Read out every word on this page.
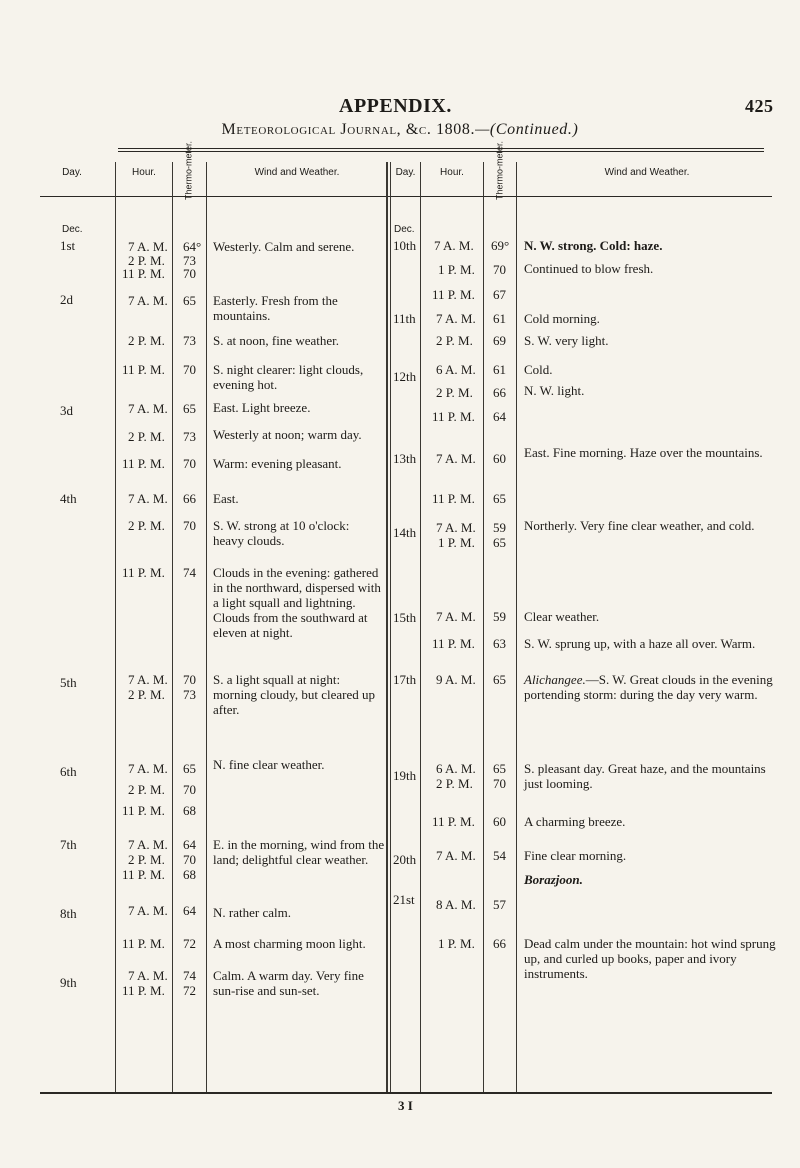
APPENDIX.	425
Meteorological Journal, &c. 1808.—(Continued.)
Day.	Hour.	Thermo-meter.	Wind and Weather.	Day.	Hour.	Thermo-meter.	Wind and Weather.
Dec.
1st	7 A. M. 64° Westerly. Calm and serene.
2 P. M. 73
11 P. M. 70
2d	7 A. M. 65 Easterly. Fresh from the mountains.
2 P. M. 73 S. at noon, fine weather.
11 P. M. 70 S. night clearer: light clouds, evening hot.
3d	7 A. M. 65 East. Light breeze.
2 P. M. 73 Westerly at noon; warm day.
11 P. M. 70 Warm: evening pleasant.
4th	7 A. M. 66 East.
2 P. M. 70 S. W. strong at 10 o'clock: heavy clouds.
11 P. M. 74 Clouds in the evening: gathered in the northward, dispersed with a light squall and lightning. Clouds from the southward at eleven at night.
5th	7 A. M. 70 S. a light squall at night: morning cloudy, but cleared up after.
2 P. M. 73
6th	7 A. M. 65 N. fine clear weather.
2 P. M. 70
11 P. M. 68
7th	7 A. M. 64 E. in the morning, wind from the land; delightful clear weather.
2 P. M. 70
11 P. M. 68
8th	7 A. M. 64 N. rather calm.
11 P. M. 72 A most charming moon light.
9th	7 A. M. 74 Calm. A warm day. Very fine sun-rise and sun-set.
11 P. M. 72
Dec.
10th 7 A. M. 69° N. W. strong. Cold: haze.
1 P. M. 70 Continued to blow fresh.
11 P. M. 67
11th 7 A. M. 61 Cold morning.
2 P. M. 69 S. W. very light.
12th 6 A. M. 61 Cold.
2 P. M. 66 N. W. light.
11 P. M. 64
13th 7 A. M. 60 East. Fine morning. Haze over the mountains.
11 P. M. 65
14th 7 A. M. 59 Northerly. Very fine clear weather, and cold.
1 P. M. 65
15th 7 A. M. 59 Clear weather.
11 P. M. 63 S. W. sprung up, with a haze all over. Warm.
17th 9 A. M. 65 Alichangee.—S. W. Great clouds in the evening portending storm: during the day very warm.
19th 6 A. M. 65 S. pleasant day. Great haze, and the mountains just looming.
2 P. M. 70
11 P. M. 60 A charming breeze.
20th 7 A. M. 54 Fine clear morning.
Borazjoon.
21st 8 A. M. 57
1 P. M. 66 Dead calm under the mountain: hot wind sprung up, and curled up books, paper and ivory instruments.
3 I
